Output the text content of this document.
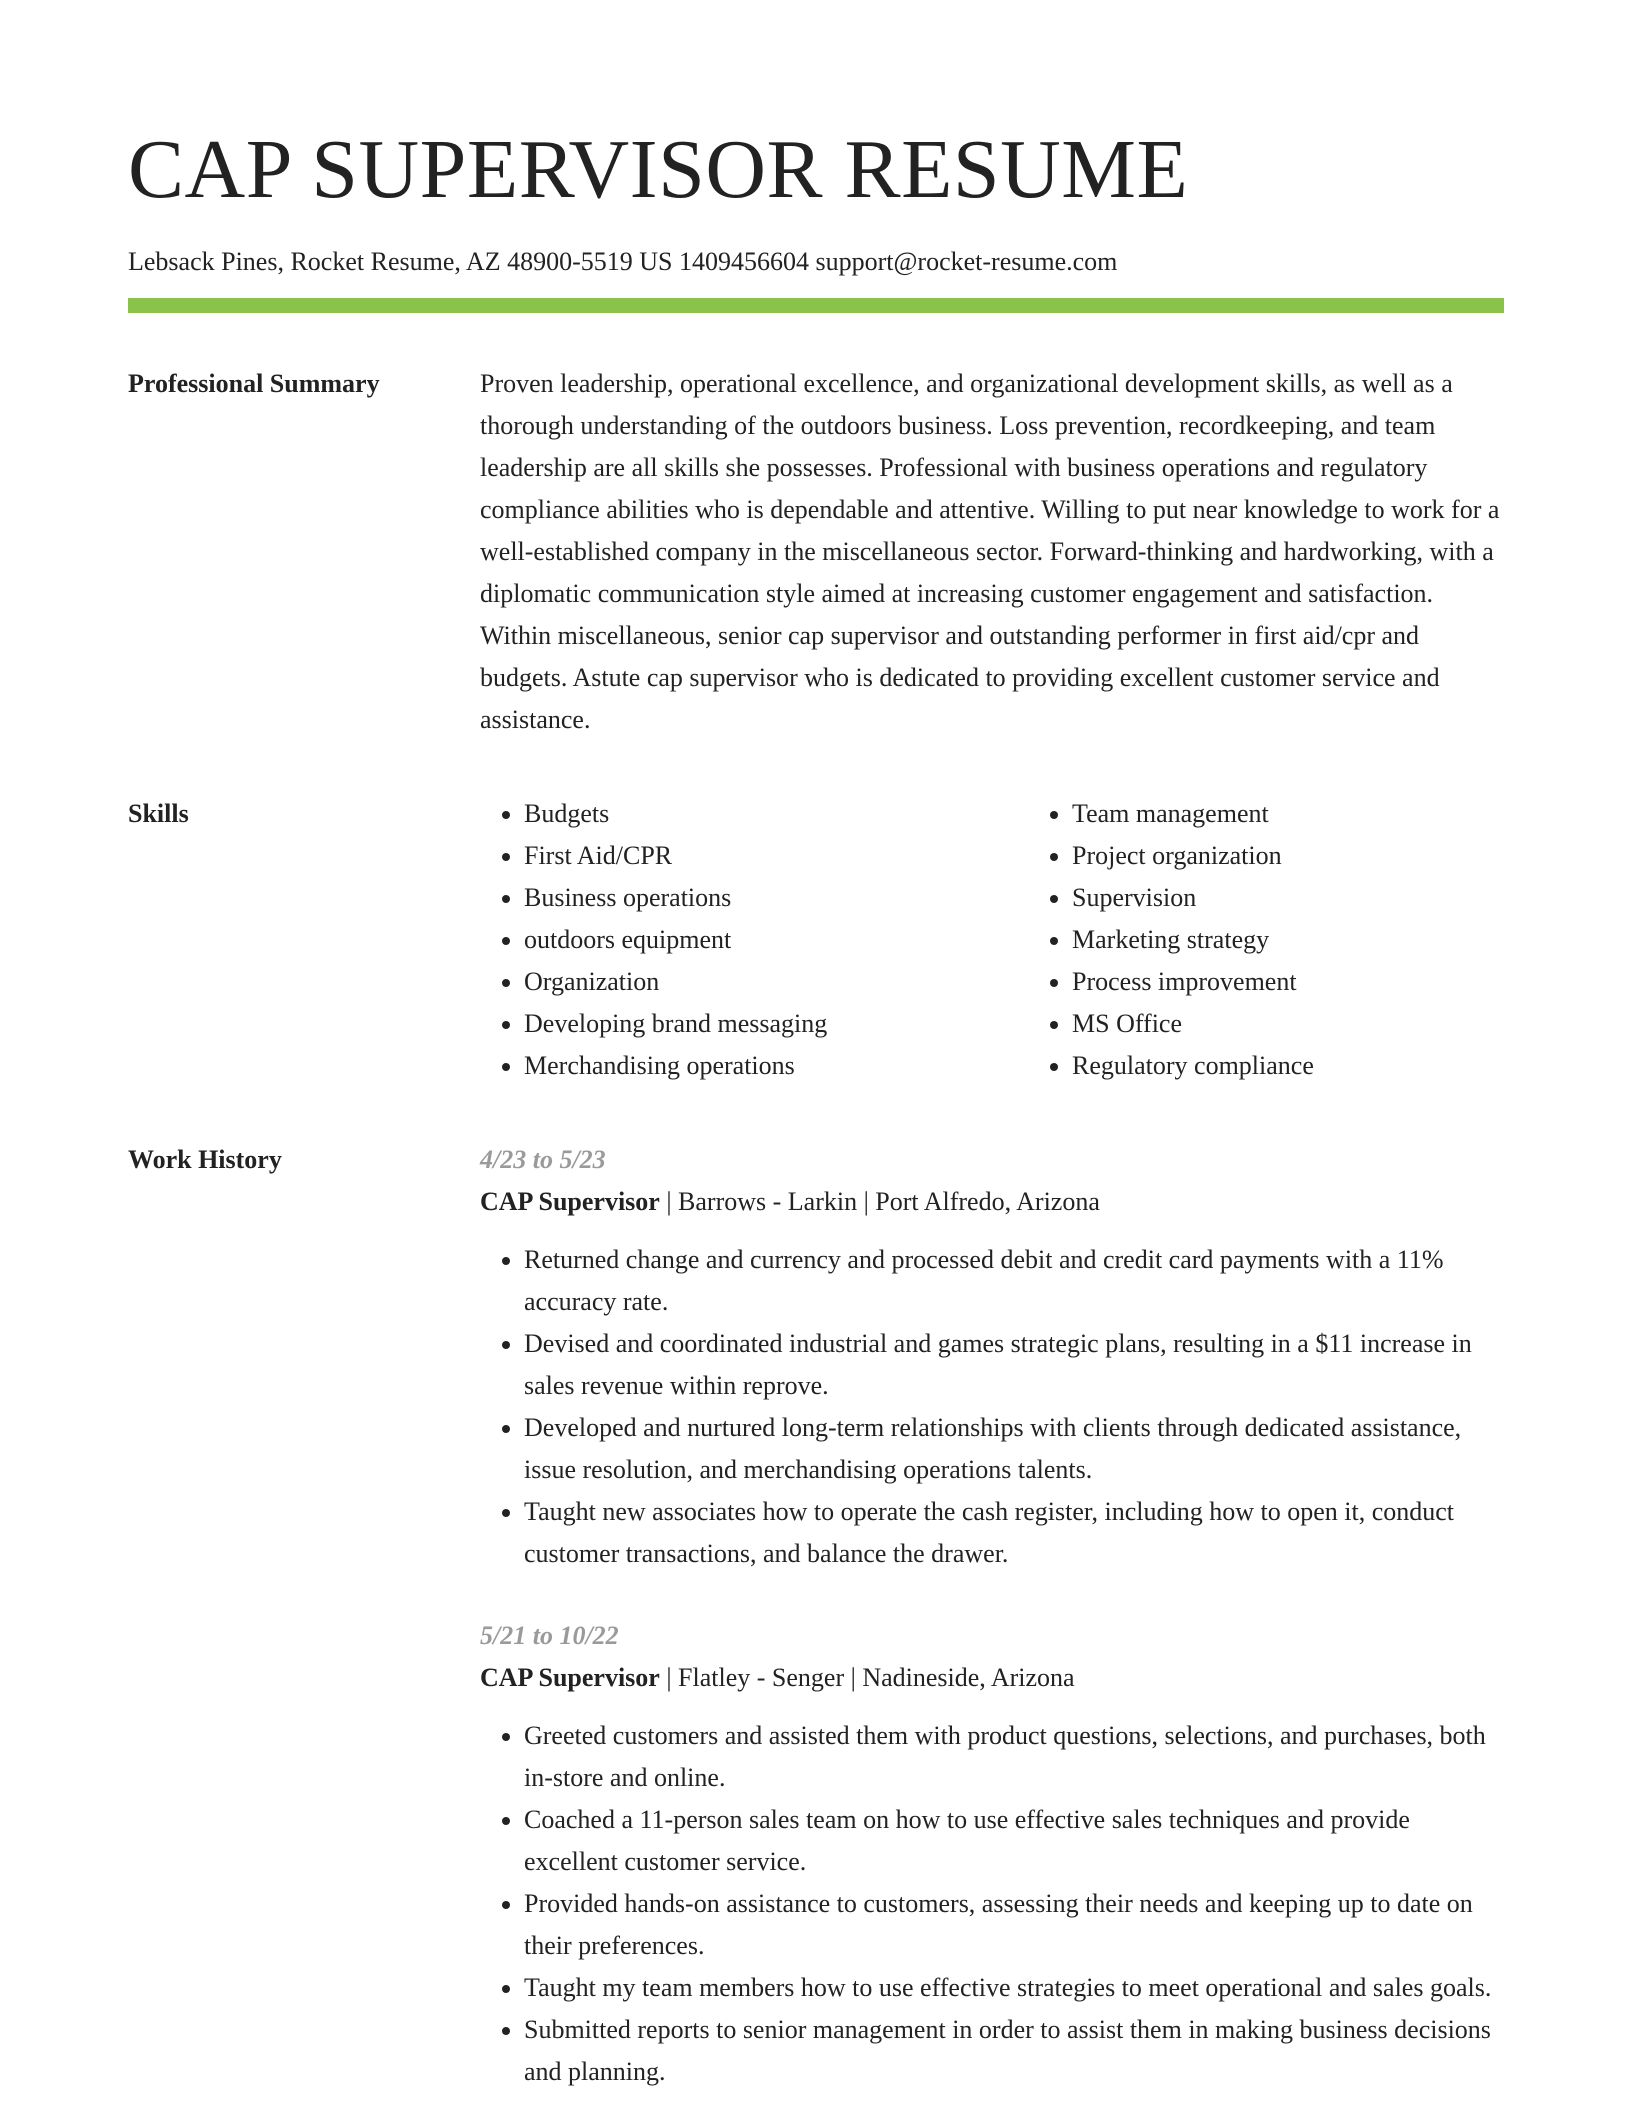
CAP SUPERVISOR RESUME
Lebsack Pines, Rocket Resume, AZ 48900-5519 US 1409456604 support@rocket-resume.com
Professional Summary	Proven leadership, operational excellence, and organizational development skills, as well as a thorough understanding of the outdoors business. Loss prevention, recordkeeping, and team leadership are all skills she possesses. Professional with business operations and regulatory compliance abilities who is dependable and attentive. Willing to put near knowledge to work for a well-established company in the miscellaneous sector. Forward-thinking and hardworking, with a diplomatic communication style aimed at increasing customer engagement and satisfaction. Within miscellaneous, senior cap supervisor and outstanding performer in first aid/cpr and budgets. Astute cap supervisor who is dedicated to providing excellent customer service and assistance.

Skills
•	Budgets
• First Aid/CPR
• Business operations
• outdoors equipment
• Organization
• Developing brand messaging
• Merchandising operations
• Team management
• Project organization
• Supervision
• Marketing strategy
• Process improvement
• MS Office
• Regulatory compliance
Work History	4/23 to 5/23
CAP Supervisor | Barrows - Larkin | Port Alfredo, Arizona
• Returned change and currency and processed debit and credit card payments with a 11% accuracy rate.
• Devised and coordinated industrial and games strategic plans, resulting in a $11 increase in sales revenue within reprove.
• Developed and nurtured long-term relationships with clients through dedicated assistance, issue resolution, and merchandising operations talents.
• Taught new associates how to operate the cash register, including how to open it, conduct customer transactions, and balance the drawer.
5/21 to 10/22
CAP Supervisor | Flatley - Senger | Nadineside, Arizona
• Greeted customers and assisted them with product questions, selections, and purchases, both in-store and online.
• Coached a 11-person sales team on how to use effective sales techniques and provide excellent customer service.
• Provided hands-on assistance to customers, assessing their needs and keeping up to date on their preferences.
• Taught my team members how to use effective strategies to meet operational and sales goals.
• Submitted reports to senior management in order to assist them in making business decisions and planning.
